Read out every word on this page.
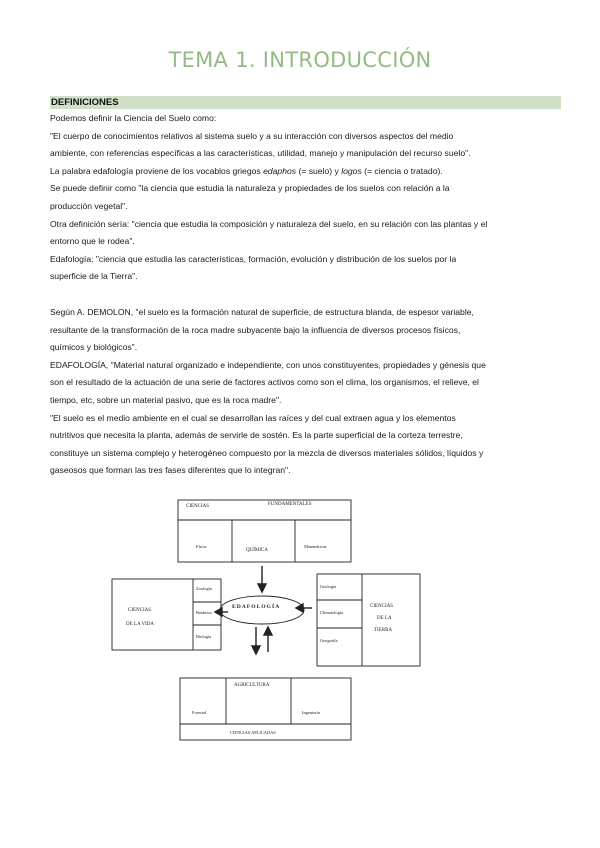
TEMA 1. INTRODUCCIÓN
DEFINICIONES

Podemos definir la Ciencia del Suelo como:

"El cuerpo de conocimientos relativos al sistema suelo y a su interacción con diversos aspectos del medio

ambiente, con referencias específicas a las características, utilidad, manejo y manipulación del recurso suelo".

La palabra edafología proviene de los vocablos griegos edaphos (= suelo) y logos (= ciencia o tratado).

Se puede definir como "la ciencia que estudia la naturaleza y propiedades de los suelos con relación a la

producción vegetal".

Otra definición sería: "ciencia que estudia la composición y naturaleza del suelo, en su relación con las plantas y el

entorno que le rodea".

Edafología: "ciencia que estudia las características, formación, evolución y distribución de los suelos por la

superficie de la Tierra".

Según A. DEMOLON, "el suelo es la formación natural de superficie, de estructura blanda, de espesor variable,

resultante de la transformación de la roca madre subyacente bajo la influencia de diversos procesos físicos,

químicos y biológicos".

EDAFOLOGÍA, "Material natural organizado e independiente, con unos constituyentes, propiedades y génesis que

son el resultado de la actuación de una serie de factores activos como son el clima, los organismos, el relieve, el

tiempo, etc, sobre un material pasivo, que es la roca madre".

"El suelo es el medio ambiente en el cual se desarrollan las raíces y del cual extraen agua y los elementos

nutritivos que necesita la planta, además de servirle de sostén. Es la parte superficial de la corteza terrestre,

constituye un sistema complejo y heterogéneo compuesto por la mezcla de diversos materiales sólidos, líquidos y

gaseosos que forman las tres fases diferentes que lo integran".

CIENCIAS	FUNDAMENTALES
Física
QUÍMICA
Matemáticas
CIENCIAS
DE LA VIDA
Zoología
Botánica
Biología
EDAFOLOGÍA
Geología
Climatología
Geografía
CIENCIAS
DE LA
TIERRA
AGRICULTURA
Forestal	Ingeniería
CIENCIAS APLICADAS
